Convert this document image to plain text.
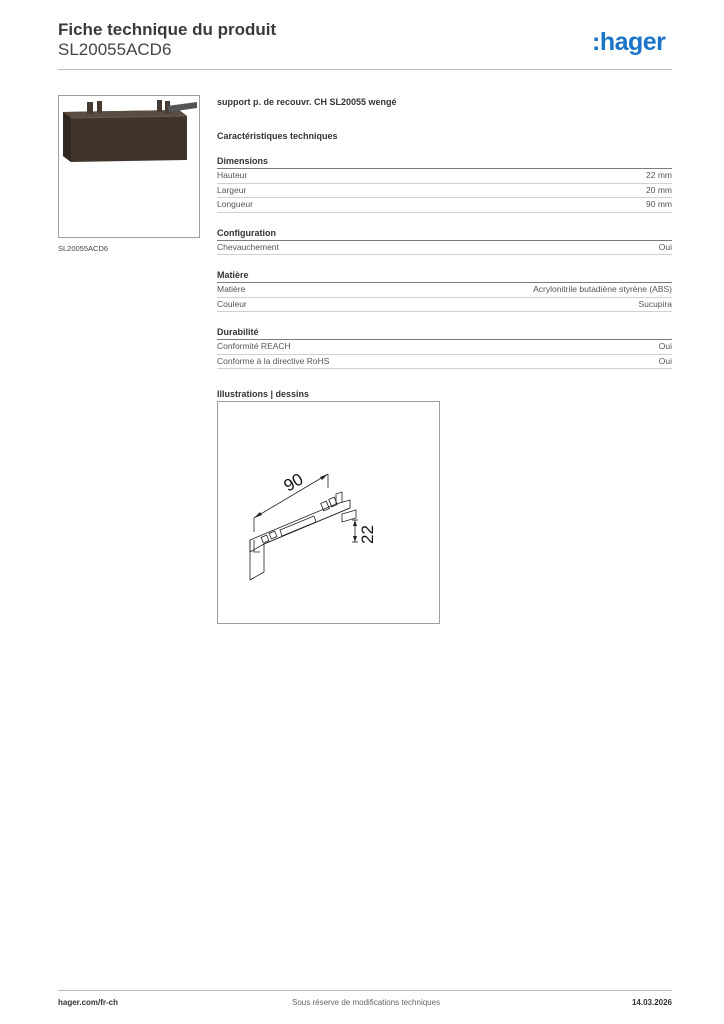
Fiche technique du produit
SL20055ACD6	:hager
SL20055ACD6
support p. de recouvr. CH SL20055 wengé
Caractéristiques techniques
Dimensions
Hauteur	22 mm
Largeur	20 mm
Longueur	90 mm
Configuration
Chevauchement	Oui
Matière
Matière	Acrylonitrile butadiène styrène (ABS)
Couleur	Sucupira
Durabilité
Conformité REACH	Oui
Conforme à la directive RoHS	Oui
Illustrations | dessins
90
22
hager.com/fr-ch	Sous réserve de modifications techniques	14.03.2026
